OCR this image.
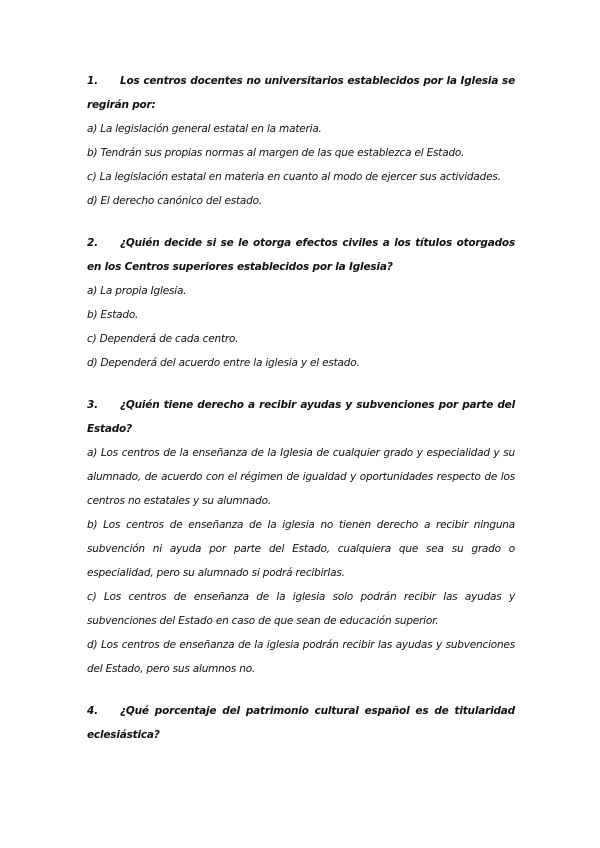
1. Los centros docentes no universitarios establecidos por la Iglesia se regirán por:
a) La legislación general estatal en la materia.
b) Tendrán sus propias normas al margen de las que establezca el Estado.
c) La legislación estatal en materia en cuanto al modo de ejercer sus actividades.
d) El derecho canónico del estado.
2. ¿Quién decide si se le otorga efectos civiles a los títulos otorgados en los Centros superiores establecidos por la Iglesia?
a) La propia Iglesia.
b) Estado.
c) Dependerá de cada centro.
d) Dependerá del acuerdo entre la iglesia y el estado.
3. ¿Quién tiene derecho a recibir ayudas y subvenciones por parte del Estado?
a) Los centros de la enseñanza de la Iglesia de cualquier grado y especialidad y su alumnado, de acuerdo con el régimen de igualdad y oportunidades respecto de los centros no estatales y su alumnado.
b) Los centros de enseñanza de la iglesia no tienen derecho a recibir ninguna subvención ni ayuda por parte del Estado, cualquiera que sea su grado o especialidad, pero su alumnado si podrá recibirlas.
c) Los centros de enseñanza de la iglesia solo podrán recibir las ayudas y subvenciones del Estado en caso de que sean de educación superior.
d) Los centros de enseñanza de la iglesia podrán recibir las ayudas y subvenciones del Estado, pero sus alumnos no.
4. ¿Qué porcentaje del patrimonio cultural español es de titularidad eclesiástica?
